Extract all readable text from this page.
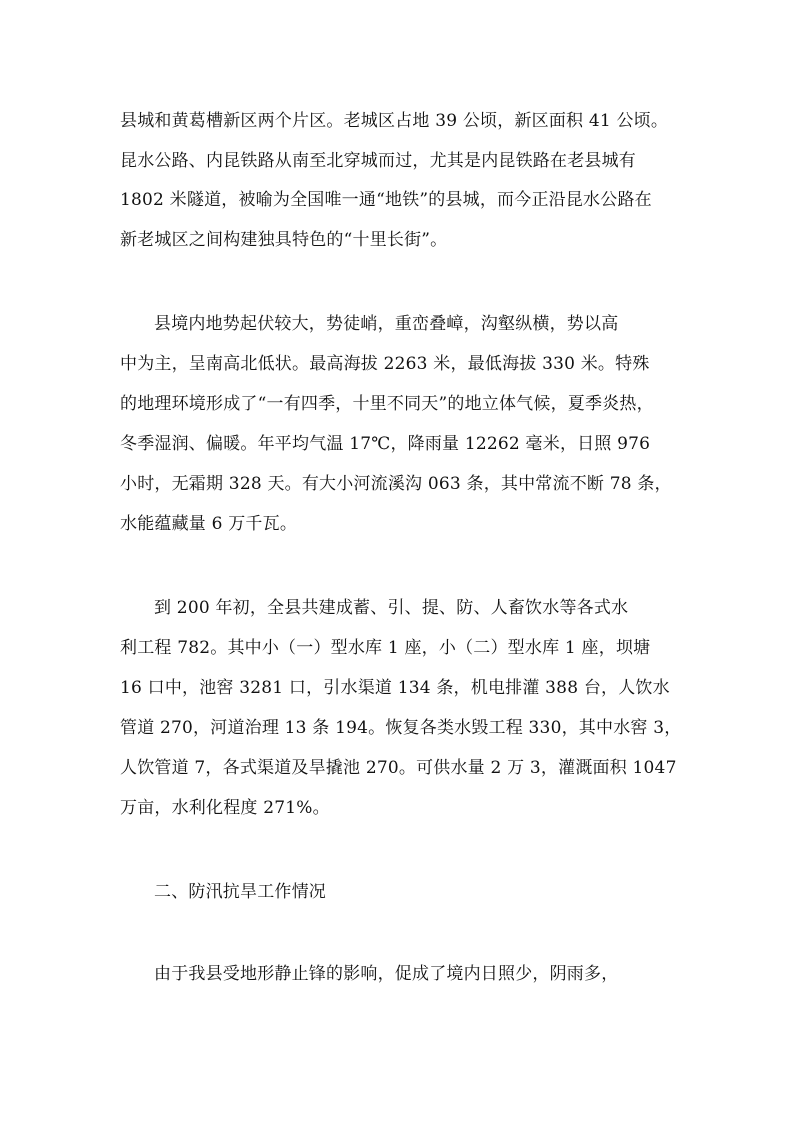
县城和黄葛槽新区两个片区。老城区占地 39 公顷，新区面积 41 公顷。
昆水公路、内昆铁路从南至北穿城而过，尤其是内昆铁路在老县城有
1802 米隧道，被喻为全国唯一通“地铁”的县城，而今正沿昆水公路在
新老城区之间构建独具特色的“十里长街”。
县境内地势起伏较大，势徒峭，重峦叠嶂，沟壑纵横，势以高
中为主，呈南高北低状。最高海拔 2263 米，最低海拔 330 米。特殊
的地理环境形成了“一有四季，十里不同天”的地立体气候，夏季炎热，
冬季湿润、偏暖。年平均气温 17℃，降雨量 12262 毫米，日照 976
小时，无霜期 328 天。有大小河流溪沟 063 条，其中常流不断 78 条，
水能蕴藏量 6 万千瓦。
到 200 年初，全县共建成蓄、引、提、防、人畜饮水等各式水
利工程 782。其中小（一）型水库 1 座，小（二）型水库 1 座，坝塘
16 口中，池窖 3281 口，引水渠道 134 条，机电排灌 388 台，人饮水
管道 270，河道治理 13 条 194。恢复各类水毁工程 330，其中水窖 3，
人饮管道 7，各式渠道及旱撬池 270。可供水量 2 万 3，灌溉面积 1047
万亩，水利化程度 271%。
二、防汛抗旱工作情况
由于我县受地形静止锋的影响，促成了境内日照少，阴雨多，
